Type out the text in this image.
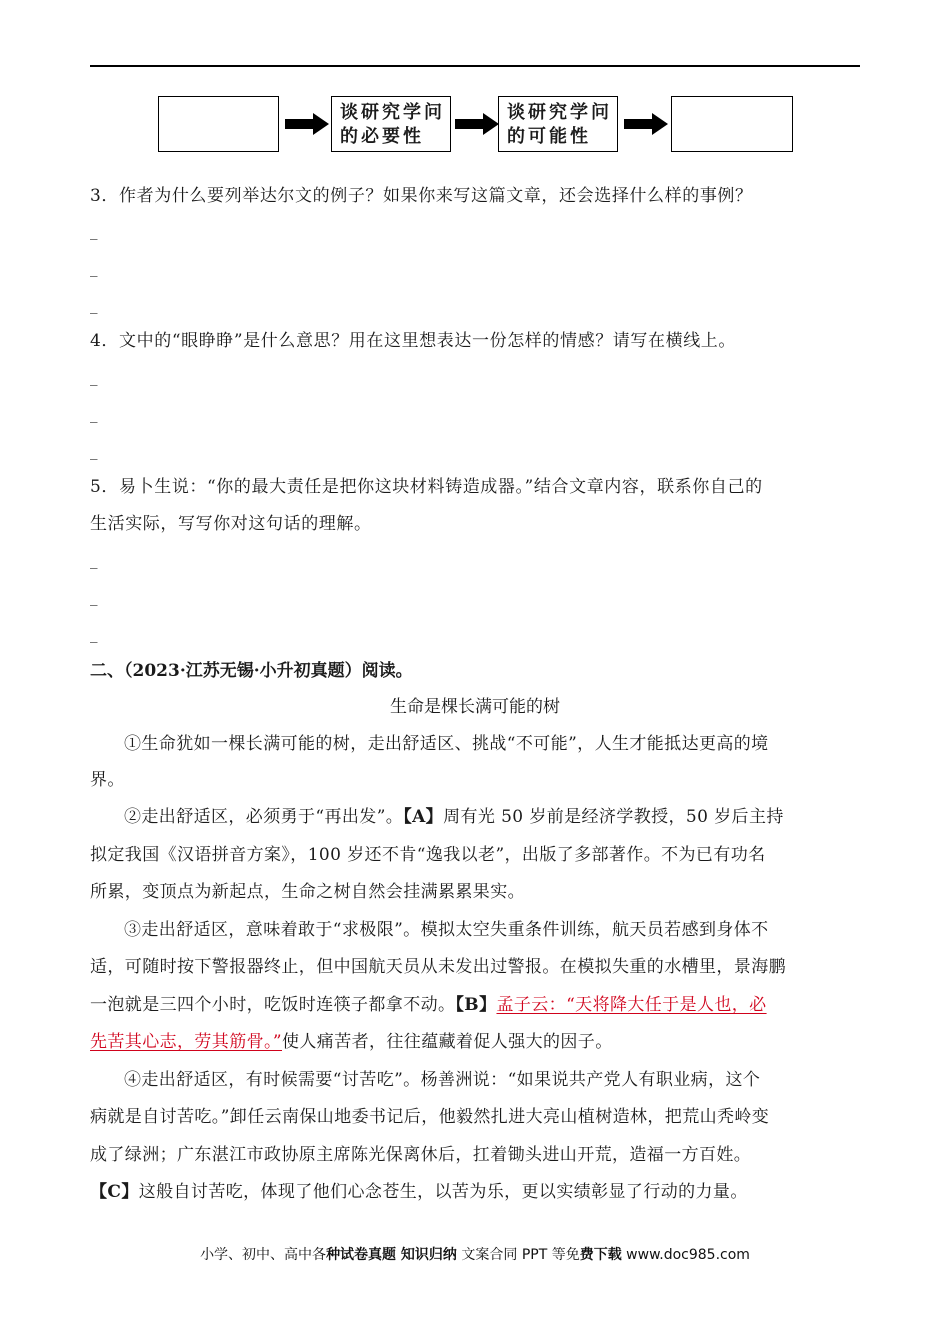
谈研究学问
的必要性
谈研究学问
的可能性
3．作者为什么要列举达尔文的例子？如果你来写这篇文章，还会选择什么样的事例？
_
_
_
4．文中的“眼睁睁”是什么意思？用在这里想表达一份怎样的情感？请写在横线上。
_
_
_
5．易卜生说：“你的最大责任是把你这块材料铸造成器。”结合文章内容，联系你自己的
生活实际，写写你对这句话的理解。
_
_
_
二、（2023·江苏无锡·小升初真题）阅读。
生命是棵长满可能的树
①生命犹如一棵长满可能的树，走出舒适区、挑战“不可能”，人生才能抵达更高的境
界。
②走出舒适区，必须勇于“再出发”。【A】周有光 50 岁前是经济学教授，50 岁后主持
拟定我国《汉语拼音方案》，100 岁还不肯“逸我以老”，出版了多部著作。不为已有功名
所累，变顶点为新起点，生命之树自然会挂满累累果实。
③走出舒适区，意味着敢于“求极限”。模拟太空失重条件训练，航天员若感到身体不
适，可随时按下警报器终止，但中国航天员从未发出过警报。在模拟失重的水槽里，景海鹏
一泡就是三四个小时，吃饭时连筷子都拿不动。【B】孟子云：“天将降大任于是人也，必
先苦其心志，劳其筋骨。”使人痛苦者，往往蕴藏着促人强大的因子。
④走出舒适区，有时候需要“讨苦吃”。杨善洲说：“如果说共产党人有职业病，这个
病就是自讨苦吃。”卸任云南保山地委书记后，他毅然扎进大亮山植树造林，把荒山秃岭变
成了绿洲；广东湛江市政协原主席陈光保离休后，扛着锄头进山开荒，造福一方百姓。
【C】这般自讨苦吃，体现了他们心念苍生，以苦为乐，更以实绩彰显了行动的力量。
小学、初中、高中各种试卷真题 知识归纳 文案合同 PPT 等免费下载 www.doc985.com
